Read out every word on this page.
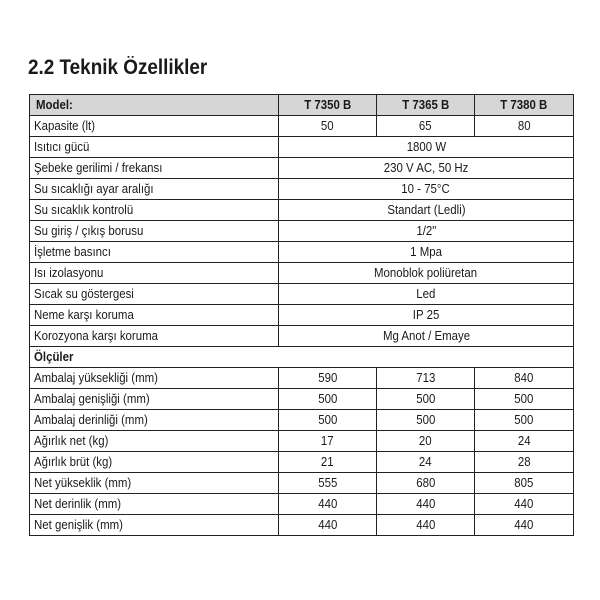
2.2 Teknik Özellikler
Model:	T 7350 B	T 7365 B	T 7380 B
Kapasite (lt)	50	65	80
Isıtıcı gücü	1800 W		
Şebeke gerilimi / frekansı	230 V AC, 50 Hz		
Su sıcaklığı ayar aralığı	10 - 75°C		
Su sıcaklık kontrolü	Standart (Ledli)		
Su giriş / çıkış borusu	1/2"		
İşletme basıncı	1 Mpa		
Isı izolasyonu	Monoblok poliüretan		
Sıcak su göstergesi	Led		
Neme karşı koruma	IP 25		
Korozyona karşı koruma	Mg Anot / Emaye		
Ölçüler			
Ambalaj yüksekliği (mm)	590	713	840
Ambalaj genişliği (mm)	500	500	500
Ambalaj derinliği (mm)	500	500	500
Ağırlık net (kg)	17	20	24
Ağırlık brüt (kg)	21	24	28
Net yükseklik (mm)	555	680	805
Net derinlik (mm)	440	440	440
Net genişlik (mm)	440	440	440
